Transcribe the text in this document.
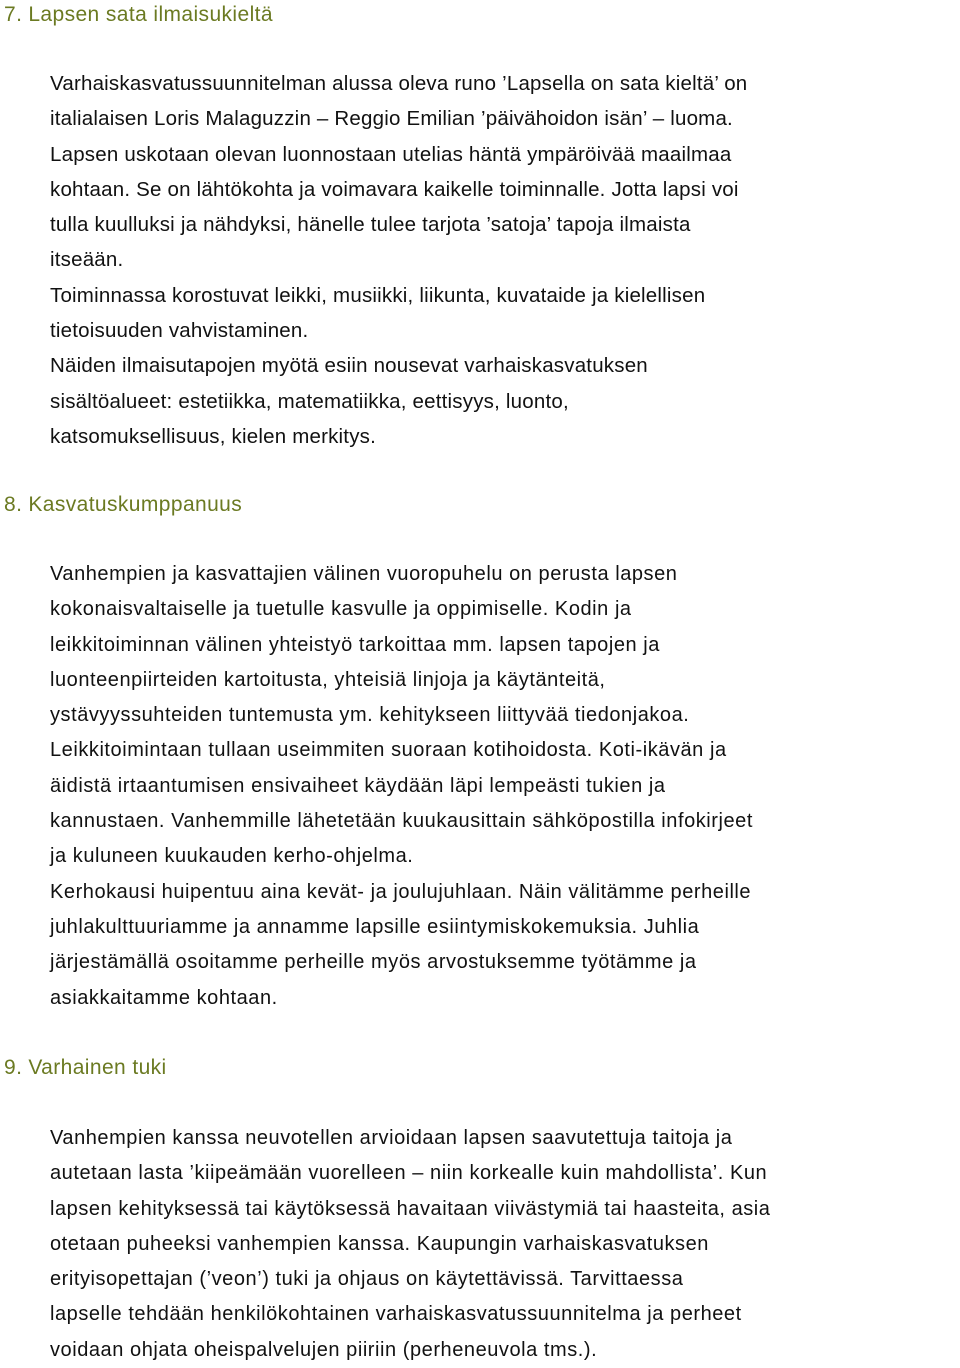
7. Lapsen sata ilmaisukieltä
Varhaiskasvatussuunnitelman alussa oleva runo ’Lapsella on sata kieltä’ on
italialaisen Loris Malaguzzin – Reggio Emilian ’päivähoidon isän’ – luoma.
Lapsen uskotaan olevan luonnostaan utelias häntä ympäröivää maailmaa
kohtaan. Se on lähtökohta ja voimavara kaikelle toiminnalle. Jotta lapsi voi
tulla kuulluksi ja nähdyksi, hänelle tulee tarjota ’satoja’ tapoja ilmaista
itseään.
Toiminnassa korostuvat leikki, musiikki, liikunta, kuvataide ja kielellisen
tietoisuuden vahvistaminen.
Näiden ilmaisutapojen myötä esiin nousevat varhaiskasvatuksen
sisältöalueet: estetiikka, matematiikka, eettisyys, luonto,
katsomuksellisuus, kielen merkitys.
8. Kasvatuskumppanuus
Vanhempien ja kasvattajien välinen vuoropuhelu on perusta lapsen
kokonaisvaltaiselle ja tuetulle kasvulle ja oppimiselle. Kodin ja
leikkitoiminnan välinen yhteistyö tarkoittaa mm. lapsen tapojen ja
luonteenpiirteiden kartoitusta, yhteisiä linjoja ja käytänteitä,
ystävyyssuhteiden tuntemusta ym. kehitykseen liittyvää tiedonjakoa.
Leikkitoimintaan tullaan useimmiten suoraan kotihoidosta. Koti-ikävän ja
äidistä irtaantumisen ensivaiheet käydään läpi lempeästi tukien ja
kannustaen. Vanhemmille lähetetään kuukausittain sähköpostilla infokirjeet
ja kuluneen kuukauden kerho-ohjelma.
Kerhokausi huipentuu aina kevät- ja joulujuhlaan. Näin välitämme perheille
juhlakulttuuriamme ja annamme lapsille esiintymiskokemuksia. Juhlia
järjestämällä osoitamme perheille myös arvostuksemme työtämme ja
asiakkaitamme kohtaan.
9. Varhainen tuki
Vanhempien kanssa neuvotellen arvioidaan lapsen saavutettuja taitoja ja
autetaan lasta ’kiipeämään vuorelleen – niin korkealle kuin mahdollista’. Kun
lapsen kehityksessä tai käytöksessä havaitaan viivästymiä tai haasteita, asia
otetaan puheeksi vanhempien kanssa. Kaupungin varhaiskasvatuksen
erityisopettajan (’veon’) tuki ja ohjaus on käytettävissä. Tarvittaessa
lapselle tehdään henkilökohtainen varhaiskasvatussuunnitelma ja perheet
voidaan ohjata oheispalvelujen piiriin (perheneuvola tms.).
